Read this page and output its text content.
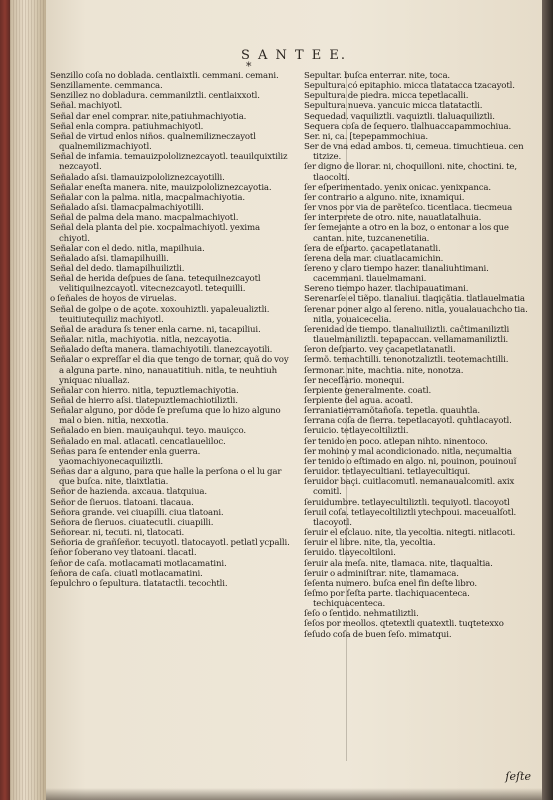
S A N T E E.
*

Senzillo coſa no doblada. centlaixtli. cemmani. cemani.

Senzillamente. cemmanca.

Senzillez no dobladura. cemmanilztli. centlaixxotl.

Señal. machiyotl.

Señal dar enel comprar. nite,patiuhmachiyotia.

Señal enla compra. patiuhmachiyotl.

Señal de virtud enlos niños. qualnemilizneczayotl qualnemilizmachiyotl.

Señal de infamia. temauizpololiznezcayotl. teauilquixtiliz nezcayotl.

Señalado aſsi. tlamauizpololiznezcayotilli.

Señalar eneſta manera. nite, mauizpololiznezcayotia.

Señalar con la palma. nitla, macpalmachiyotia.

Señalado aſsi. tlamacpalmachiyotilli.

Señal de palma dela mano. macpalmachiyotl.

Señal dela planta del pie. xocpalmachiyotl. yexima chiyotl.

Señalar con el dedo. nitla, mapilhuia.

Señalado aſsi. tlamapilhuilli.

Señal del dedo. tlamapilhuiliztli.

Señal de herida deſpues de ſana. tetequilnezcayotl velitiquilnezcayotl. vitecnezcayotl. tetequilli.

o ſeñales de hoyos de viruelas.

Señal de golpe o de açote. xoxouhiztli. yapaleualiztli. teuitiutequiliz machiyotl.

Señal de aradura ſs tener enla carne. ni, tacapiliui.

Señalar. nitla, machiyotia. nitla, nezcayotia.

Señalado deſta manera. tlamachiyotili. tlanezcayotili.

Señalar o expreſſar el dia que tengo de tornar, quã do voy a alguna parte. nino, nanauatitiuh. nitla, te neuhtiuh yniquac niuallaz.

Señalar con hierro. nitla, tepuztlemachiyotia.

Señal de hierro aſsi. tlatepuztlemachiotiliztli.

Señalar alguno, por dõde ſe preſuma que lo hizo alguno mal o bien. nitla, nexxotla.

Señalado en bien. mauiçauhqui. teyo. mauiçco.

Señalado en mal. atlacatl. cencatlaueliloc.

Señas para ſe entender enla guerra. yaomachiyonecaquiliztli.

Señas dar a alguno, para que halle la perſona o el lu gar que buſca. nite, tlaixtlatia.

Señor de hazienda. axcaua. tlatquiua.

Señor de ſieruos. tlatoani. tlacaua.

Señora grande. vei ciuapilli. ciua tlatoani.

Señora de ſieruos. ciuatecutli. ciuapilli.

Señorear. ni, tecuti. ni, tlatocati.

Señoria de grañſeñor. tecuyotl. tlatocayotl. petlatl ycpalli.

ſeñor ſoberano vey tlatoani. tlacatl.

ſeñor de caſa. motlacamati motlacamatini.

ſeñora de caſa. ciuatl motlacamatini.

ſepulchro o ſepultura. tlatatactli. tecochtli.

Sepultar. buſca enterrar. nite, toca.

Sepultura có epitaphio. micca tlatatacca tzacayotl.

Sepultura de piedra. micca tepetlacalli.

Sepultura nueva. yancuic micca tlatatactli.

Sequedad. vaquiliztli. vaquiztli. tlaluaquiliztli.

Sequera coſa de ſequero. tlalhuaccapammochiua.

Ser. ni, ca. [tepepammochiua.

Ser de vna edad ambos. ti, cemeua. timuchtieua. cen titzize.

ſer digno de llorar. ni, choquilloni. nite, choctini. te, tlaocolti.

ſer eſperimentado. yenix onicac. yenixpanca.

ſer contrario a alguno. nite, ixnamiqui.

ſer vnos por via de parẽteſco. ticentlaca. tiecmeua

ſer interprete de otro. nite, nauatlatalhuia.

ſer ſemejante a otro en la boz, o entonar a los que cantan. nite, tuzcanenetilia.

ſera de eſparto. çacapetlatanatli.

ſerena dela mar. ciuatlacamichin.

ſereno y claro tiempo hazer. tlanaliuhtimani. cacemmani. tlauelmamani.

Sereno tiempo hazer. tlachipauatimani.

Serenarſe el tiẽpo. tlanaliui. tlaqiçãtia. tlatlauelmatia

ſerenar poner algo al ſereno. nitla, youalauachcho tia. nitla, youaicecelia.

ſerenidad de tiempo. tlanaliuiliztli. caĉtimaniliztli tlauelmaniliztli. tepapaccan. vellamamaniliztli.

ſeron deſparto. vey çacapetlatanatli.

ſermõ. temachtilli. tenonotzaliztli. teotemachtilli.

ſermonar. nite, machtia. nite, nonotza.

ſer neceſſario. monequi.

ſerpiente generalmente. coatl.

ſerpiente del agua. acoatl.

ſerraniatierramõtañoſa. tepetla. quauhtla.

ſerrana coſa de ſierra. tepetlacayotl. quhtlacayotl.

ſeruicio. tetlayecoltiliztli.

ſer tenido en poco. atlepan nihto. ninentoco.

ſer mohino y mal acondicionado. nitla, neçumaltia

ſer tenido o eſtimado en algo. ni, pouinon, pouinouĩ

ſeruidor. tetlayecultiani. tetlayecultiqui.

ſeruidor baçi. cuitlacomutl. nemanaualcomitl. axix comitl.

ſeruidumbre. tetlayecultiliztli. tequiyotl. tlacoyotl

ſeruil coſa. tetlayecoltiliztli ytechpoui. maceualſotl. tlacoyotl.

ſeruir el eſclauo. nite, tla yecoltia. nitegti. nitlacoti.

ſeruir el libre. nite, tla, yecoltia.

ſeruido. tlayecoltiloni.

ſeruir ala meſa. nite, tlamaca. nite, tlaqualtia.

ſeruir o adminiſtrar. nite, tlamamaca.

ſeſenta numero. buſca enel fin deſte libro.

ſeſmo por ſeſta parte. tlachiquacenteca. techiquacenteca.

ſeſo o ſentido. nehmatiliztli.

ſeſos por meollos. qtetextli quatextli. tuqtetexxo

ſeſudo coſa de buen ſeſo. mimatqui.

ſeſte
